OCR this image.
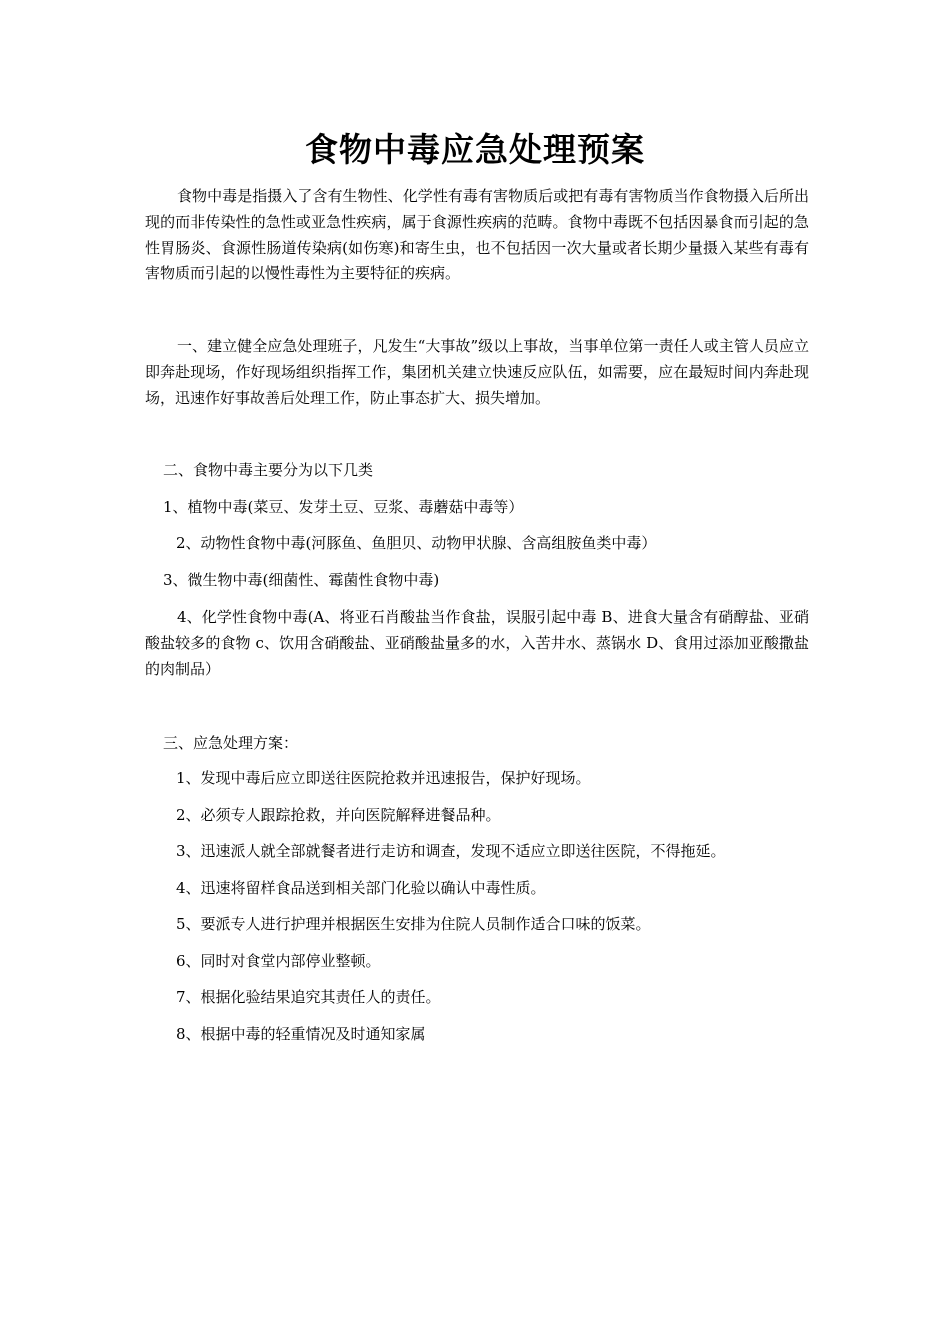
食物中毒应急处理预案
食物中毒是指摄入了含有生物性、化学性有毒有害物质后或把有毒有害物质当作食物摄入后所出现的而非传染性的急性或亚急性疾病，属于食源性疾病的范畴。食物中毒既不包括因暴食而引起的急性胃肠炎、食源性肠道传染病(如伤寒)和寄生虫，也不包括因一次大量或者长期少量摄入某些有毒有害物质而引起的以慢性毒性为主要特征的疾病。
一、建立健全应急处理班子，凡发生“大事故”级以上事故，当事单位第一责任人或主管人员应立即奔赴现场，作好现场组织指挥工作，集团机关建立快速反应队伍，如需要，应在最短时间内奔赴现场，迅速作好事故善后处理工作，防止事态扩大、损失增加。
二、食物中毒主要分为以下几类
1、植物中毒(菜豆、发芽土豆、豆浆、毒蘑菇中毒等）
2、动物性食物中毒(河豚鱼、鱼胆贝、动物甲状腺、含高组胺鱼类中毒）
3、微生物中毒(细菌性、霉菌性食物中毒)
4、化学性食物中毒(A、将亚石肖酸盐当作食盐，误服引起中毒 B、进食大量含有硝醇盐、亚硝酸盐较多的食物 c、饮用含硝酸盐、亚硝酸盐量多的水，入苦井水、蒸锅水 D、食用过添加亚酸撒盐的肉制品）
三、应急处理方案：
1、发现中毒后应立即送往医院抢救并迅速报告，保护好现场。
2、必须专人跟踪抢救，并向医院解释进餐品种。
3、迅速派人就全部就餐者进行走访和调查，发现不适应立即送往医院，不得拖延。
4、迅速将留样食品送到相关部门化验以确认中毒性质。
5、要派专人进行护理并根据医生安排为住院人员制作适合口味的饭菜。
6、同时对食堂内部停业整顿。
7、根据化验结果追究其责任人的责任。
8、根据中毒的轻重情况及时通知家属
